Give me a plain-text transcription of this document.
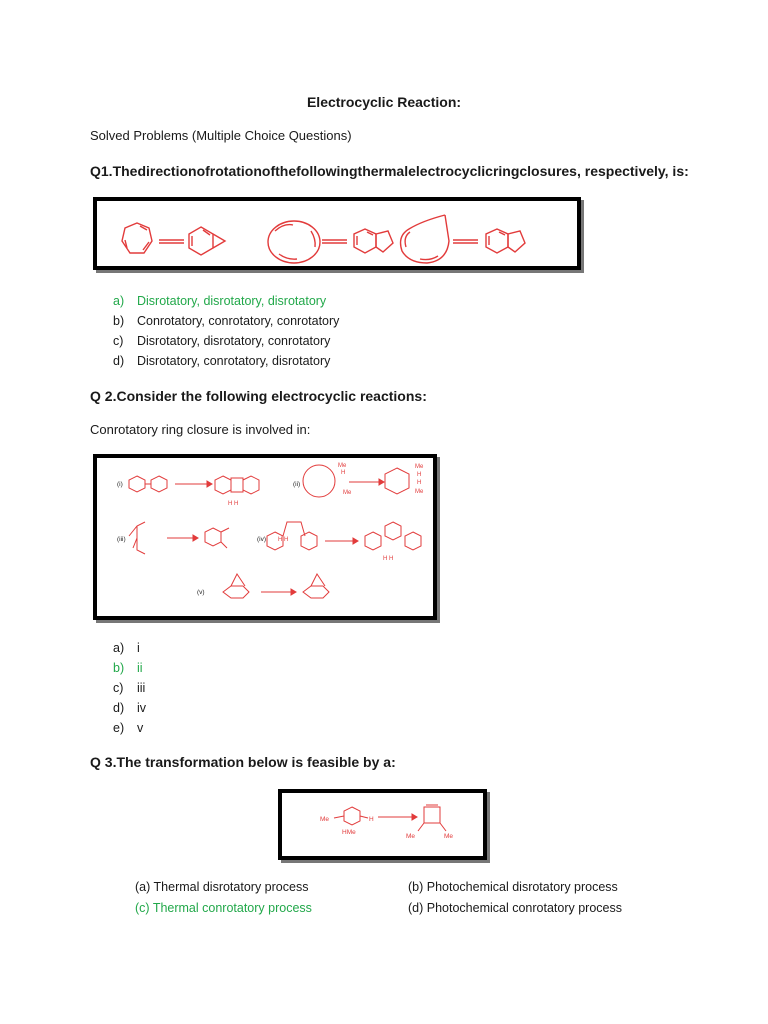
Electrocyclic Reaction:
Solved Problems (Multiple Choice Questions)
Q1.Thedirectionofrotationofthefollowingthermalelectrocyclicringclosures, respectively, is:
a)	Disrotatory, disrotatory, disrotatory
b)	Conrotatory, conrotatory, conrotatory
c)	Disrotatory, disrotatory, conrotatory
d)	Disrotatory, conrotatory, disrotatory
Q 2.Consider the following electrocyclic reactions:
Conrotatory ring closure is involved in:
(i)	(ii)
(iii)	(iv)
(v)
Me
H
Me
Me
H
H
Me
H H
H H
H H
a)	i
b)	ii
c)	iii
d)	iv
e)	v
Q 3.The transformation below is feasible by a:
Me
HMe
H
Me	Me
(a) Thermal disrotatory process	(b) Photochemical disrotatory process
(c) Thermal conrotatory process	(d) Photochemical conrotatory process
